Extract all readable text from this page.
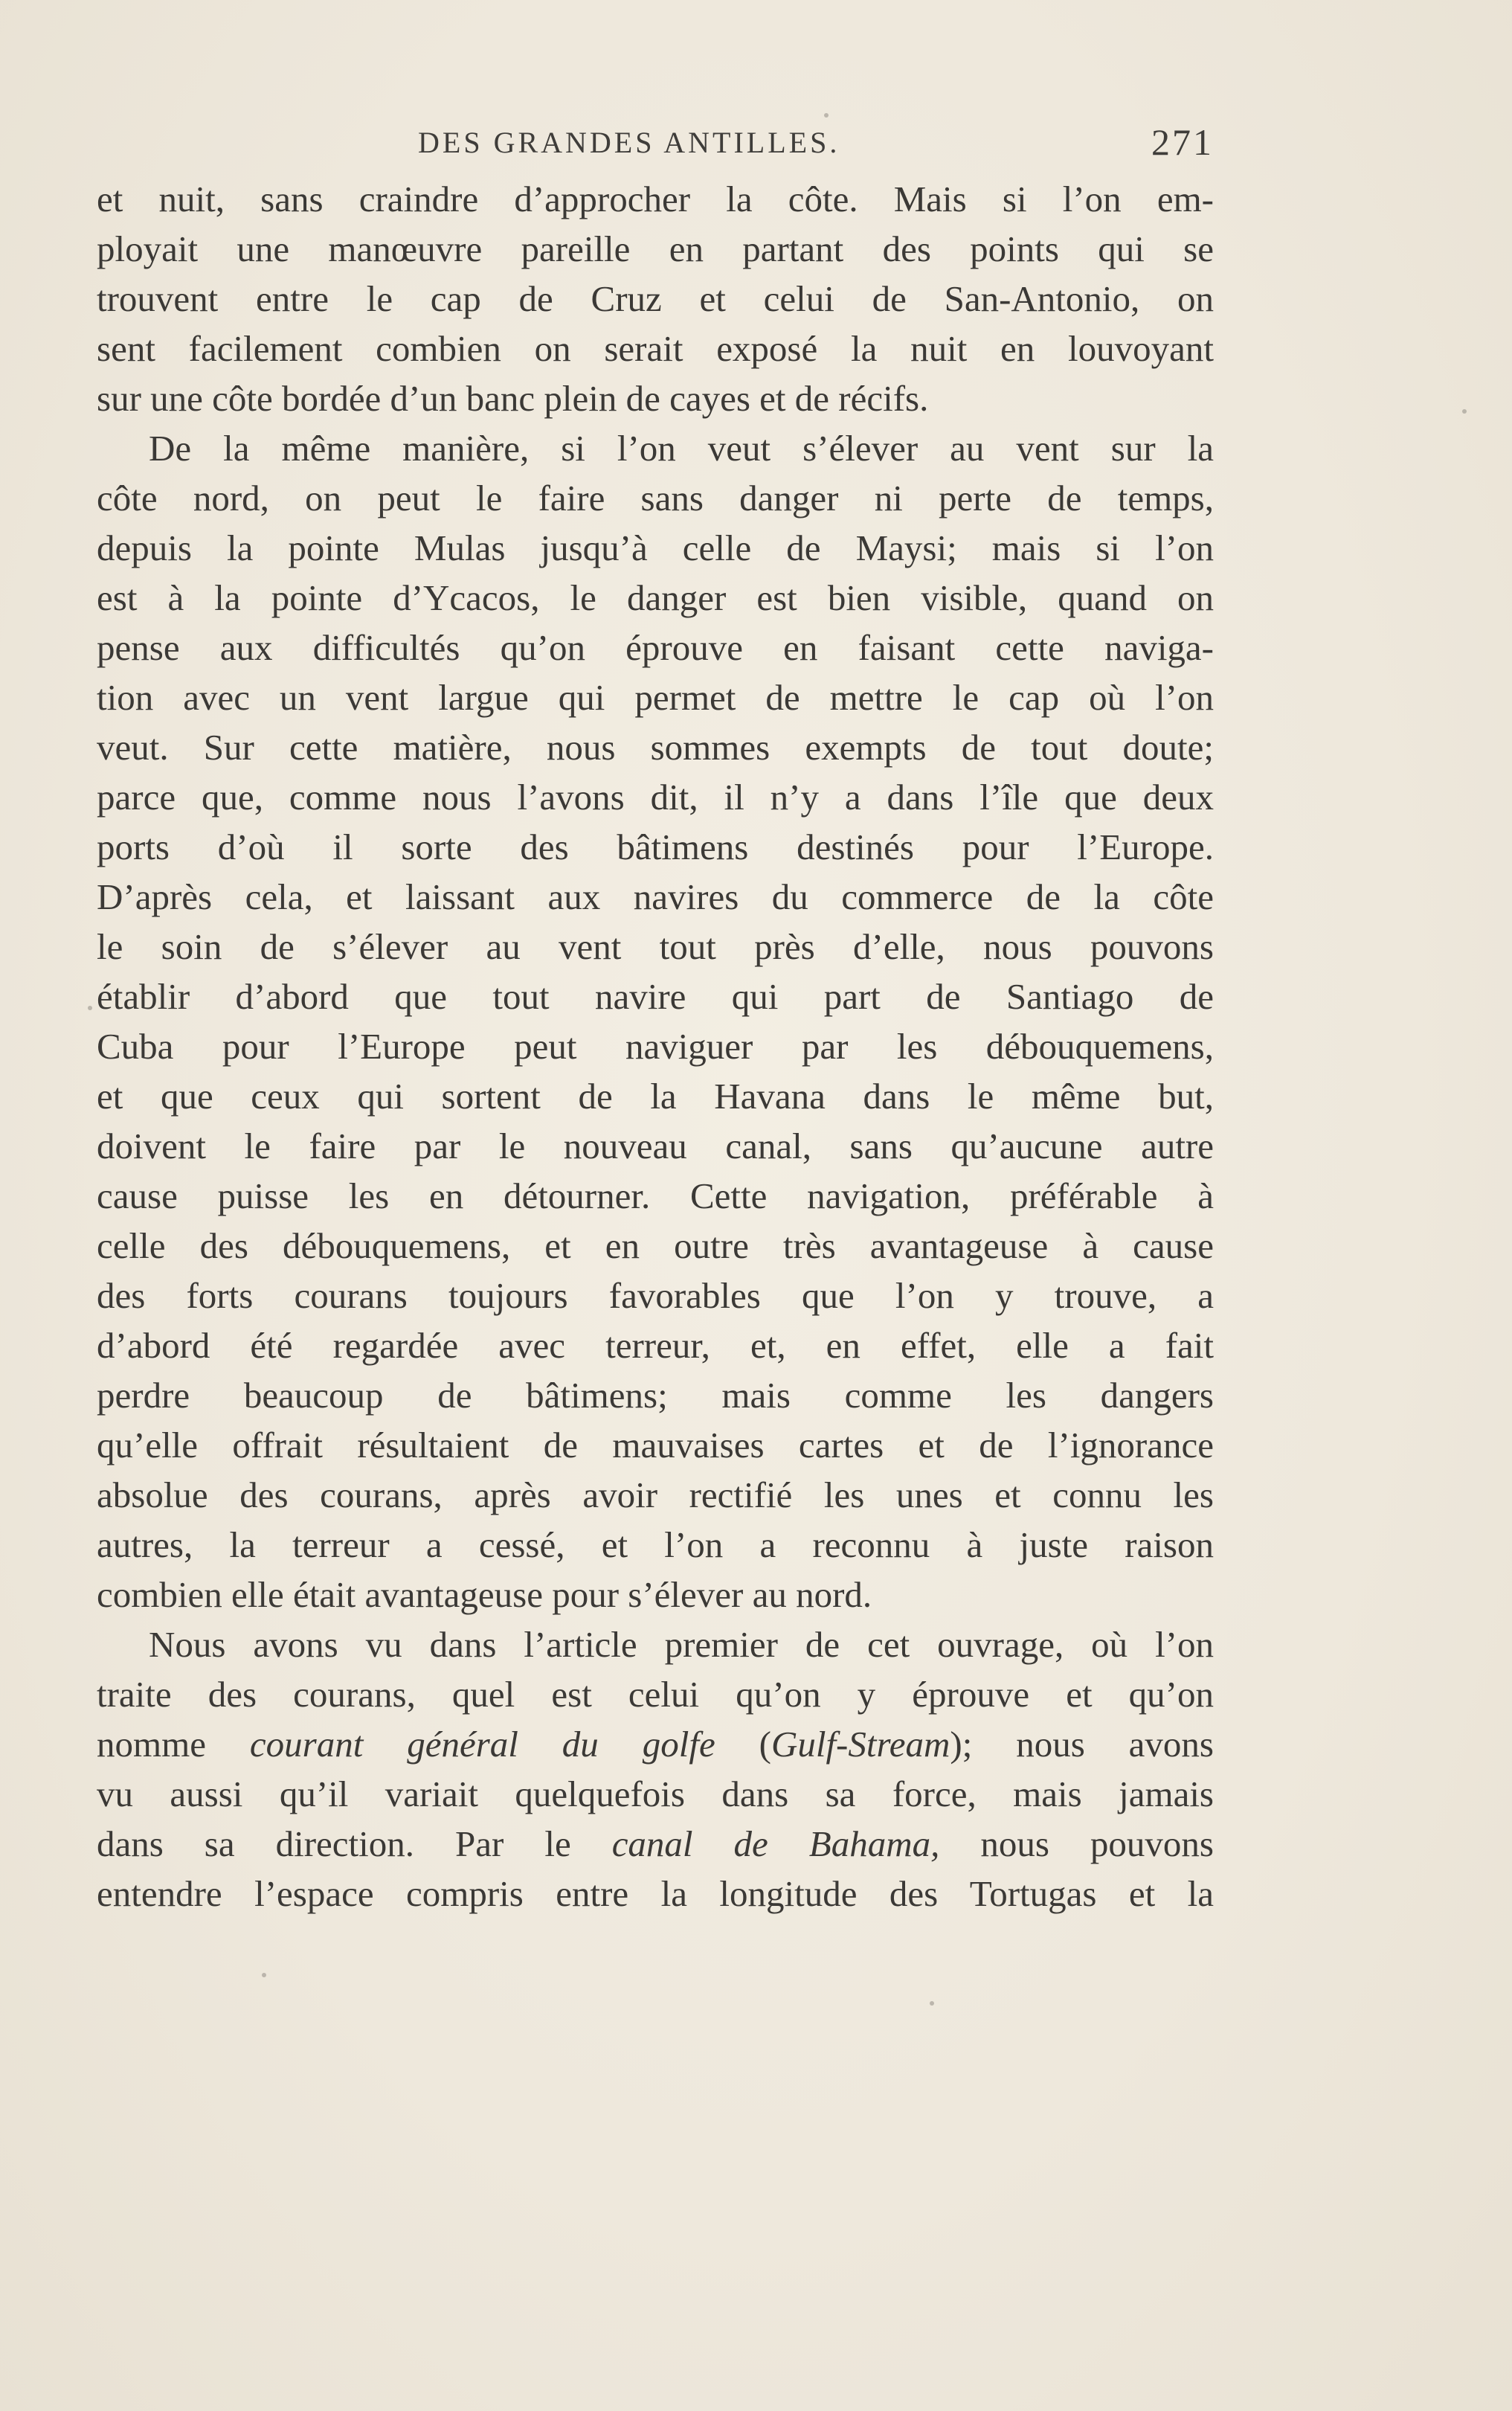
DES GRANDES ANTILLES.	271
et nuit, sans craindre d’approcher la côte. Mais si l’on em-
ployait une manœuvre pareille en partant des points qui se
trouvent entre le cap de Cruz et celui de San-Antonio, on
sent facilement combien on serait exposé la nuit en louvoyant
sur une côte bordée d’un banc plein de cayes et de récifs.
De la même manière, si l’on veut s’élever au vent sur la
côte nord, on peut le faire sans danger ni perte de temps,
depuis la pointe Mulas jusqu’à celle de Maysi; mais si l’on
est à la pointe d’Ycacos, le danger est bien visible, quand on
pense aux difficultés qu’on éprouve en faisant cette naviga-
tion avec un vent largue qui permet de mettre le cap où l’on
veut. Sur cette matière, nous sommes exempts de tout doute;
parce que, comme nous l’avons dit, il n’y a dans l’île que deux
ports d’où il sorte des bâtimens destinés pour l’Europe.
D’après cela, et laissant aux navires du commerce de la côte
le soin de s’élever au vent tout près d’elle, nous pouvons
établir d’abord que tout navire qui part de Santiago de
Cuba pour l’Europe peut naviguer par les débouquemens,
et que ceux qui sortent de la Havana dans le même but,
doivent le faire par le nouveau canal, sans qu’aucune autre
cause puisse les en détourner. Cette navigation, préférable à
celle des débouquemens, et en outre très avantageuse à cause
des forts courans toujours favorables que l’on y trouve, a
d’abord été regardée avec terreur, et, en effet, elle a fait
perdre beaucoup de bâtimens; mais comme les dangers
qu’elle offrait résultaient de mauvaises cartes et de l’ignorance
absolue des courans, après avoir rectifié les unes et connu les
autres, la terreur a cessé, et l’on a reconnu à juste raison
combien elle était avantageuse pour s’élever au nord.
Nous avons vu dans l’article premier de cet ouvrage, où l’on
traite des courans, quel est celui qu’on y éprouve et qu’on
nomme courant général du golfe (Gulf-Stream); nous avons
vu aussi qu’il variait quelquefois dans sa force, mais jamais
dans sa direction. Par le canal de Bahama, nous pouvons
entendre l’espace compris entre la longitude des Tortugas et la
